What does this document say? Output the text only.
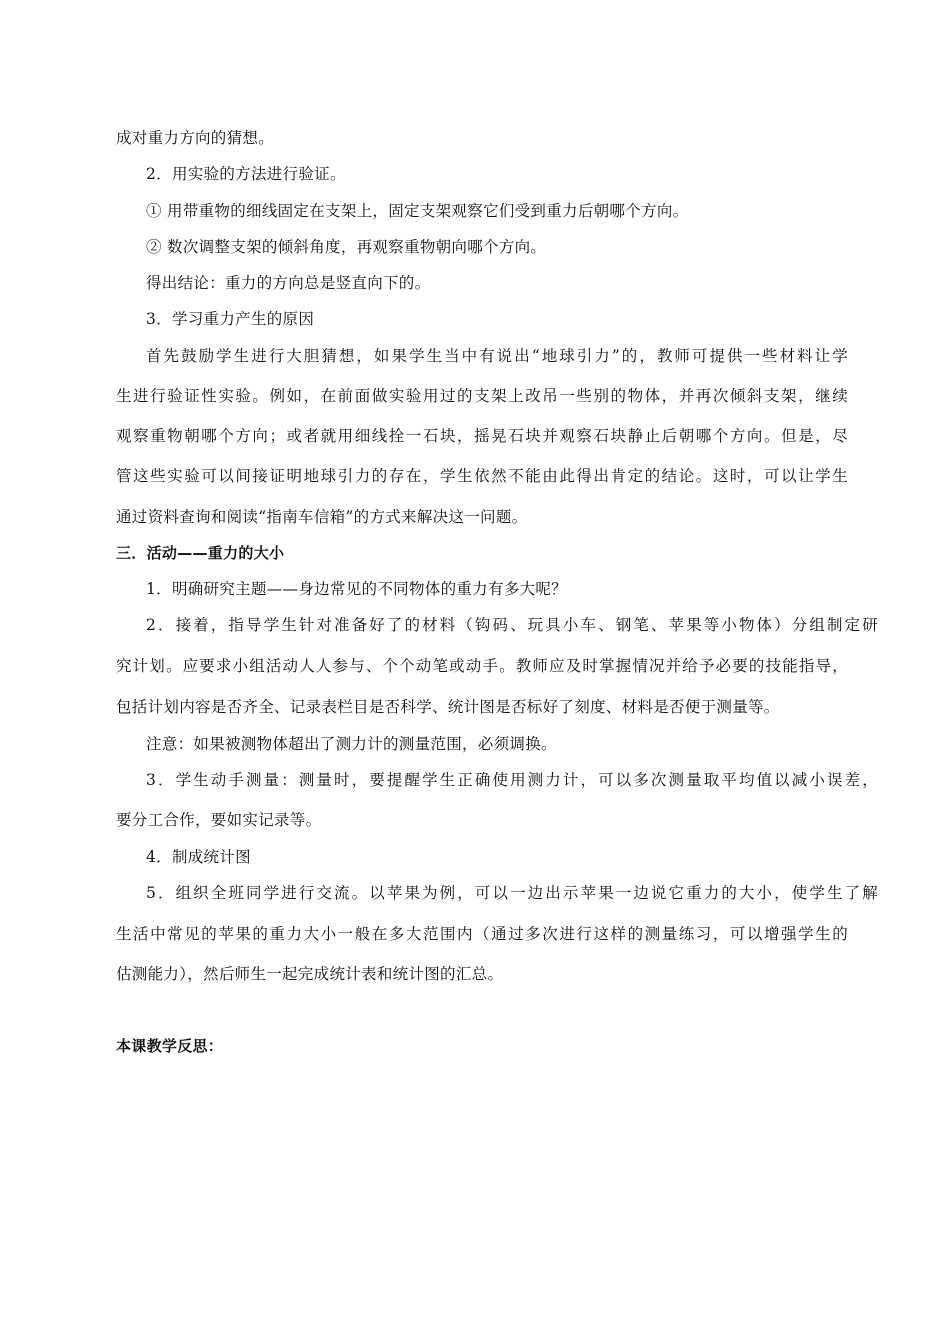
成对重力方向的猜想。
2．用实验的方法进行验证。
① 用带重物的细线固定在支架上，固定支架观察它们受到重力后朝哪个方向。
② 数次调整支架的倾斜角度，再观察重物朝向哪个方向。
得出结论：重力的方向总是竖直向下的。
3．学习重力产生的原因
首先鼓励学生进行大胆猜想，如果学生当中有说出“地球引力”的，教师可提供一些材料让学
生进行验证性实验。例如，在前面做实验用过的支架上改吊一些别的物体，并再次倾斜支架，继续
观察重物朝哪个方向；或者就用细线拴一石块，摇晃石块并观察石块静止后朝哪个方向。但是，尽
管这些实验可以间接证明地球引力的存在，学生依然不能由此得出肯定的结论。这时，可以让学生
通过资料查询和阅读“指南车信箱”的方式来解决这一问题。
三．活动——重力的大小
1．明确研究主题——身边常见的不同物体的重力有多大呢？
2．接着，指导学生针对准备好了的材料（钩码、玩具小车、钢笔、苹果等小物体）分组制定研
究计划。应要求小组活动人人参与、个个动笔或动手。教师应及时掌握情况并给予必要的技能指导，
包括计划内容是否齐全、记录表栏目是否科学、统计图是否标好了刻度、材料是否便于测量等。
注意：如果被测物体超出了测力计的测量范围，必须调换。
3．学生动手测量：测量时，要提醒学生正确使用测力计，可以多次测量取平均值以减小误差，
要分工合作，要如实记录等。
4．制成统计图
5．组织全班同学进行交流。以苹果为例，可以一边出示苹果一边说它重力的大小，使学生了解
生活中常见的苹果的重力大小一般在多大范围内（通过多次进行这样的测量练习，可以增强学生的
估测能力），然后师生一起完成统计表和统计图的汇总。
本课教学反思：
